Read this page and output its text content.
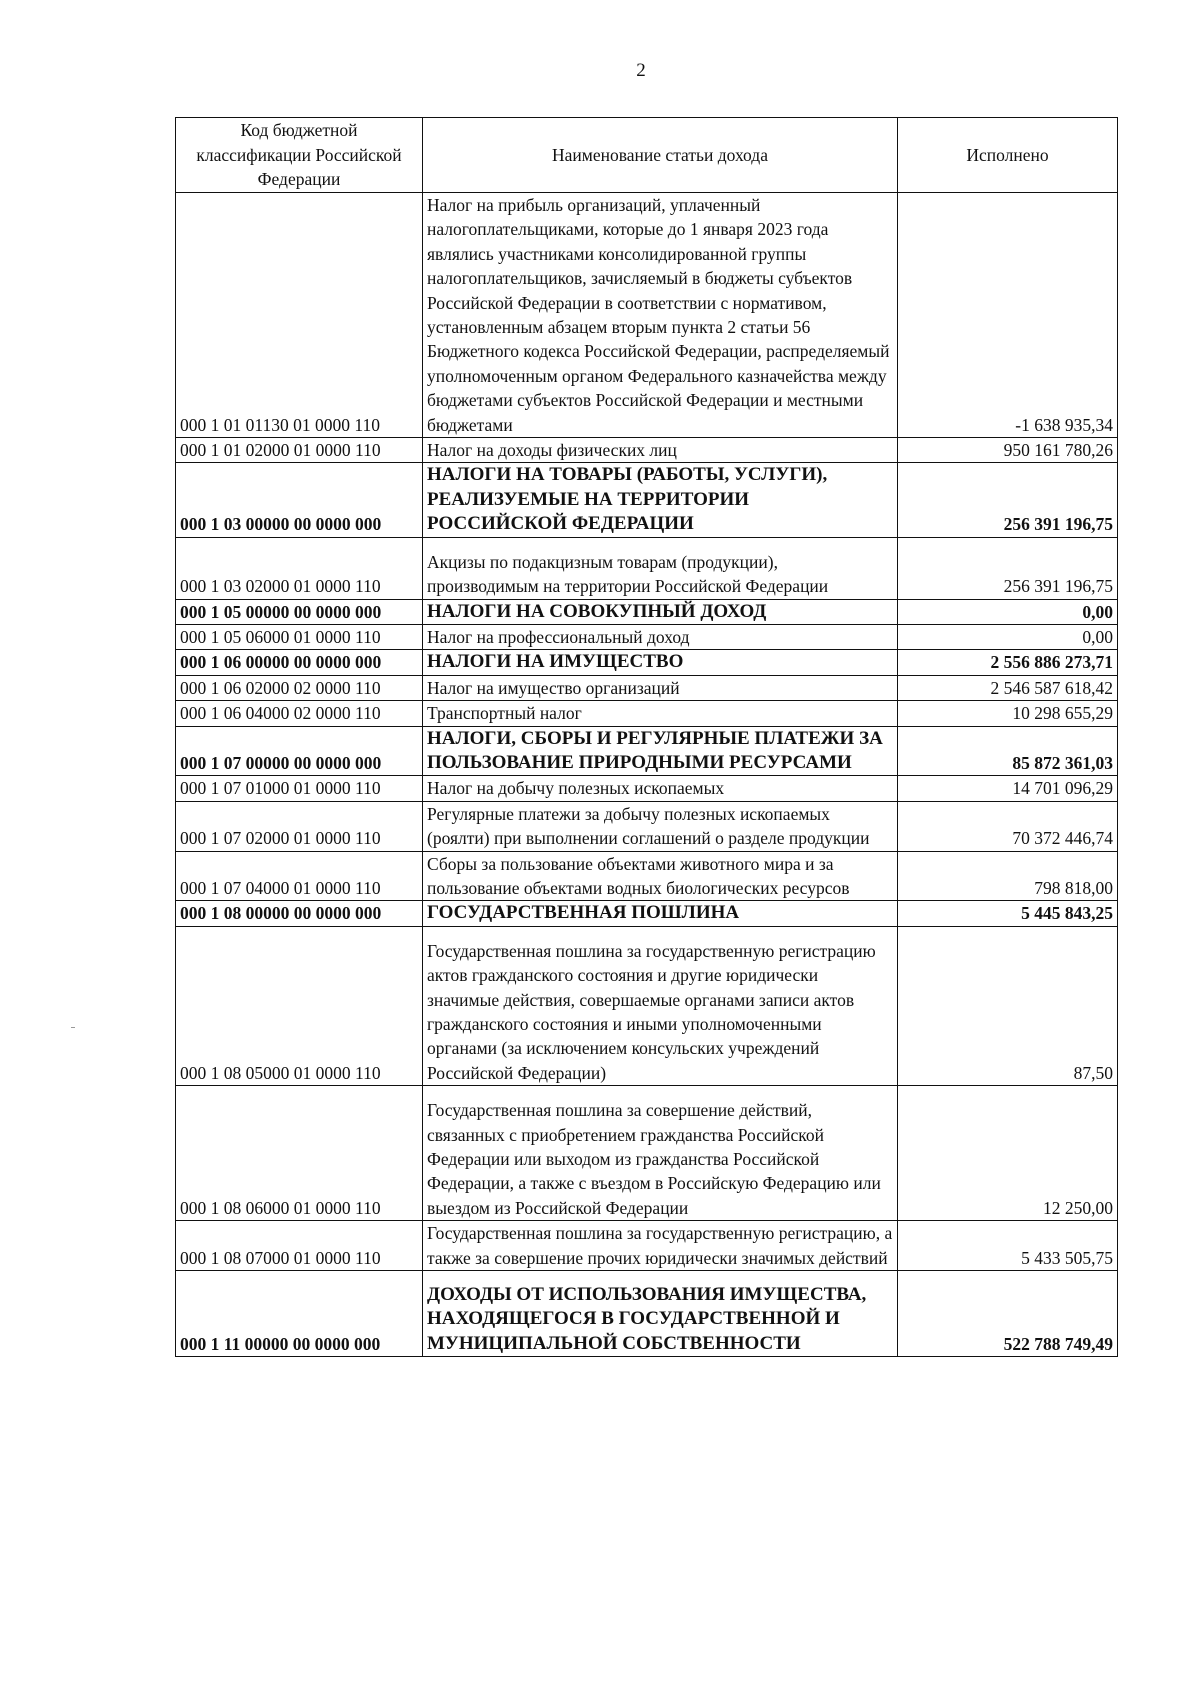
2
Код бюджетной классификации Российской Федерации	Наименование статьи дохода	Исполнено
000 1 01 01130 01 0000 110	Налог на прибыль организаций, уплаченный налогоплательщиками, которые до 1 января 2023 года являлись участниками консолидированной группы налогоплательщиков, зачисляемый в бюджеты субъектов Российской Федерации в соответствии с нормативом, установленным абзацем вторым пункта 2 статьи 56 Бюджетного кодекса Российской Федерации, распределяемый уполномоченным органом Федерального казначейства между бюджетами субъектов Российской Федерации и местными бюджетами	-1 638 935,34
000 1 01 02000 01 0000 110	Налог на доходы физических лиц	950 161 780,26
000 1 03 00000 00 0000 000	НАЛОГИ НА ТОВАРЫ (РАБОТЫ, УСЛУГИ), РЕАЛИЗУЕМЫЕ НА ТЕРРИТОРИИ РОССИЙСКОЙ ФЕДЕРАЦИИ	256 391 196,75
000 1 03 02000 01 0000 110	Акцизы по подакцизным товарам (продукции), производимым на территории Российской Федерации	256 391 196,75
000 1 05 00000 00 0000 000	НАЛОГИ НА СОВОКУПНЫЙ ДОХОД	0,00
000 1 05 06000 01 0000 110	Налог на профессиональный доход	0,00
000 1 06 00000 00 0000 000	НАЛОГИ НА ИМУЩЕСТВО	2 556 886 273,71
000 1 06 02000 02 0000 110	Налог на имущество организаций	2 546 587 618,42
000 1 06 04000 02 0000 110	Транспортный налог	10 298 655,29
000 1 07 00000 00 0000 000	НАЛОГИ, СБОРЫ И РЕГУЛЯРНЫЕ ПЛАТЕЖИ ЗА ПОЛЬЗОВАНИЕ ПРИРОДНЫМИ РЕСУРСАМИ	85 872 361,03
000 1 07 01000 01 0000 110	Налог на добычу полезных ископаемых	14 701 096,29
000 1 07 02000 01 0000 110	Регулярные платежи за добычу полезных ископаемых (роялти) при выполнении соглашений о разделе продукции	70 372 446,74
000 1 07 04000 01 0000 110	Сборы за пользование объектами животного мира и за пользование объектами водных биологических ресурсов	798 818,00
000 1 08 00000 00 0000 000	ГОСУДАРСТВЕННАЯ ПОШЛИНА	5 445 843,25
000 1 08 05000 01 0000 110	Государственная пошлина за государственную регистрацию актов гражданского состояния и другие юридически значимые действия, совершаемые органами записи актов гражданского состояния и иными уполномоченными органами (за исключением консульских учреждений Российской Федерации)	87,50
000 1 08 06000 01 0000 110	Государственная пошлина за совершение действий, связанных с приобретением гражданства Российской Федерации или выходом из гражданства Российской Федерации, а также с въездом в Российскую Федерацию или выездом из Российской Федерации	12 250,00
000 1 08 07000 01 0000 110	Государственная пошлина за государственную регистрацию, а также за совершение прочих юридически значимых действий	5 433 505,75
000 1 11 00000 00 0000 000	ДОХОДЫ ОТ ИСПОЛЬЗОВАНИЯ ИМУЩЕСТВА, НАХОДЯЩЕГОСЯ В ГОСУДАРСТВЕННОЙ И МУНИЦИПАЛЬНОЙ СОБСТВЕННОСТИ	522 788 749,49
